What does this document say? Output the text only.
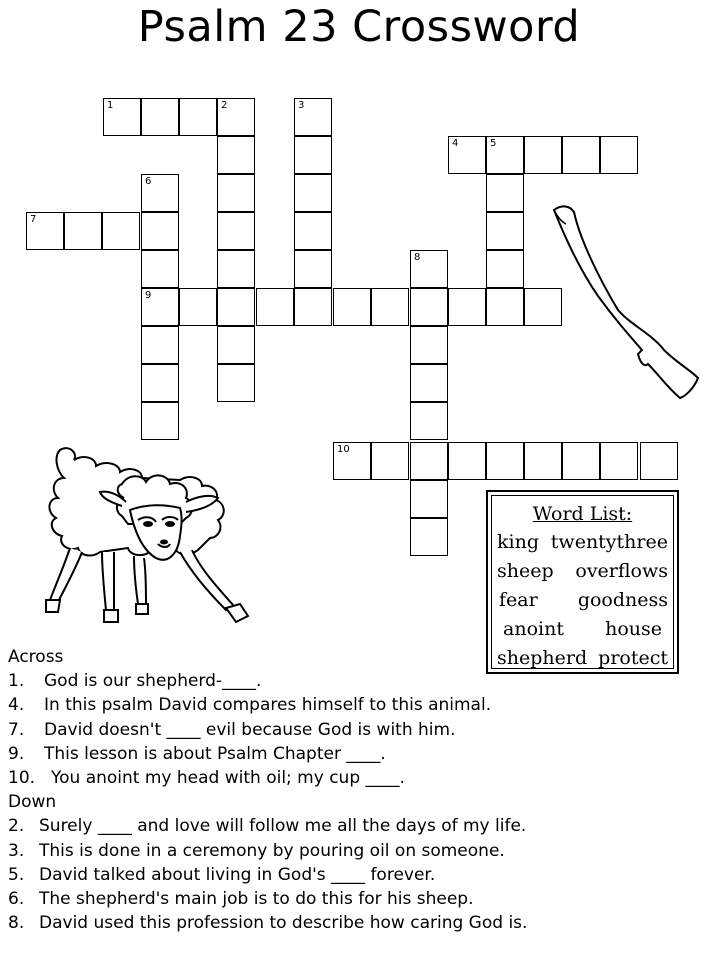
Psalm 23 Crossword
1	2	3
4	5
6
7
8
9
10
Word List:
king twentythree
sheep overflows
fear goodness
anoint house
shepherd protect
Across
1. God is our shepherd-____.
4. In this psalm David compares himself to this animal.
7. David doesn't ____ evil because God is with him.
9. This lesson is about Psalm Chapter ____.
10. You anoint my head with oil; my cup ____.
Down
2. Surely ____ and love will follow me all the days of my life.
3. This is done in a ceremony by pouring oil on someone.
5. David talked about living in God's ____ forever.
6. The shepherd's main job is to do this for his sheep.
8. David used this profession to describe how caring God is.
